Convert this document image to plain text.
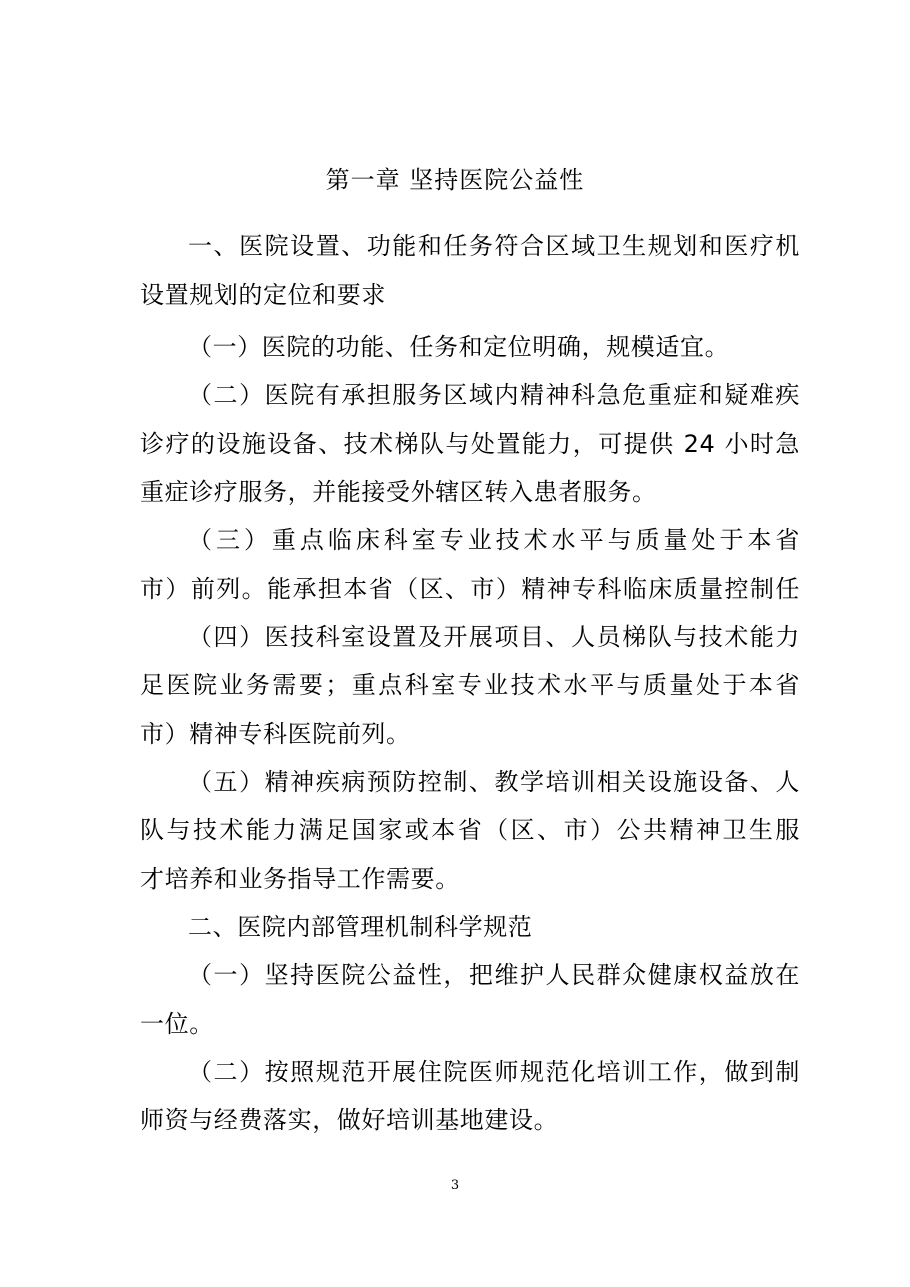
第一章 坚持医院公益性
一、医院设置、功能和任务符合区域卫生规划和医疗机
设置规划的定位和要求
（一）医院的功能、任务和定位明确，规模适宜。
（二）医院有承担服务区域内精神科急危重症和疑难疾
诊疗的设施设备、技术梯队与处置能力，可提供 24 小时急
重症诊疗服务，并能接受外辖区转入患者服务。
（三）重点临床科室专业技术水平与质量处于本省
市）前列。能承担本省（区、市）精神专科临床质量控制任
（四）医技科室设置及开展项目、人员梯队与技术能力
足医院业务需要；重点科室专业技术水平与质量处于本省
市）精神专科医院前列。
（五）精神疾病预防控制、教学培训相关设施设备、人
队与技术能力满足国家或本省（区、市）公共精神卫生服
才培养和业务指导工作需要。
二、医院内部管理机制科学规范
（一）坚持医院公益性，把维护人民群众健康权益放在
一位。
（二）按照规范开展住院医师规范化培训工作，做到制
师资与经费落实，做好培训基地建设。
3
